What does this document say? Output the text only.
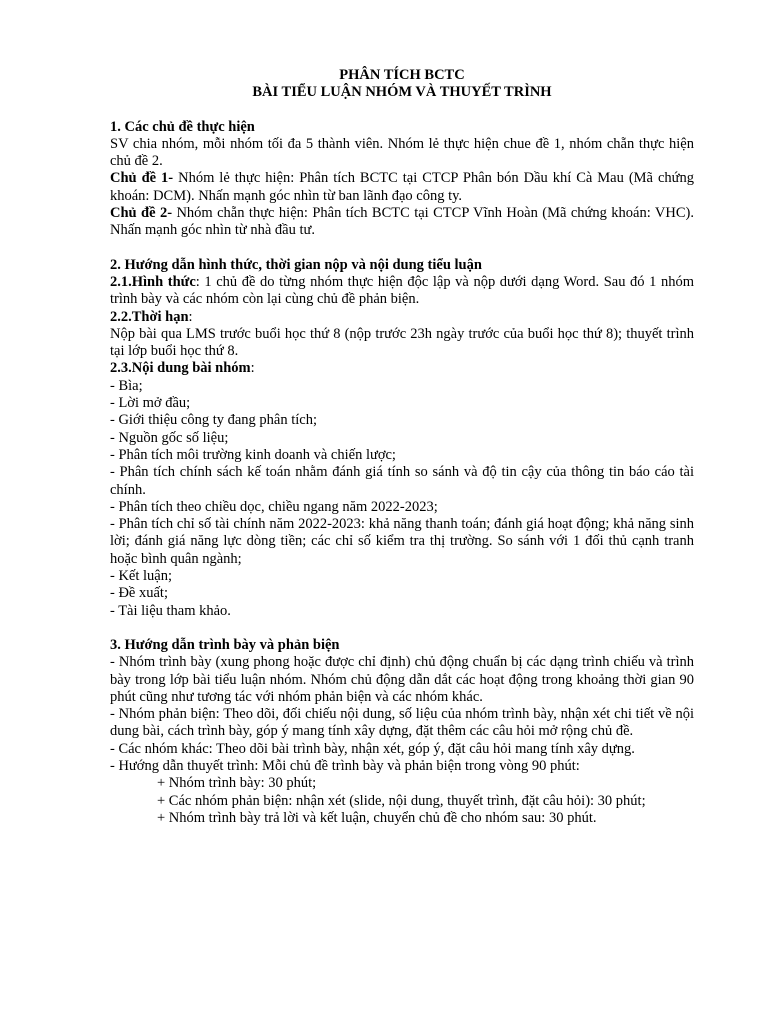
PHÂN TÍCH BCTC
BÀI TIỂU LUẬN NHÓM VÀ THUYẾT TRÌNH
1. Các chủ đề thực hiện
SV chia nhóm, mỗi nhóm tối đa 5 thành viên. Nhóm lẻ thực hiện chue đề 1, nhóm chẵn thực hiện chủ đề 2.
Chủ đề 1- Nhóm lẻ thực hiện: Phân tích BCTC tại CTCP Phân bón Dầu khí Cà Mau (Mã chứng khoán: DCM). Nhấn mạnh góc nhìn từ ban lãnh đạo công ty.
Chủ đề 2- Nhóm chẵn thực hiện: Phân tích BCTC tại CTCP Vĩnh Hoàn (Mã chứng khoán: VHC). Nhấn mạnh góc nhìn từ nhà đầu tư.
2. Hướng dẫn hình thức, thời gian nộp và nội dung tiểu luận
2.1.Hình thức: 1 chủ đề do từng nhóm thực hiện độc lập và nộp dưới dạng Word. Sau đó 1 nhóm trình bày và các nhóm còn lại cùng chủ đề phản biện.
2.2.Thời hạn:
Nộp bài qua LMS trước buổi học thứ 8 (nộp trước 23h ngày trước của buổi học thứ 8); thuyết trình tại lớp buổi học thứ 8.
2.3.Nội dung bài nhóm:
- Bìa;
- Lời mở đầu;
- Giới thiệu công ty đang phân tích;
- Nguồn gốc số liệu;
- Phân tích môi trường kinh doanh và chiến lược;
- Phân tích chính sách kế toán nhằm đánh giá tính so sánh và độ tin cậy của thông tin báo cáo tài chính.
- Phân tích theo chiều dọc, chiều ngang năm 2022-2023;
- Phân tích chỉ số tài chính năm 2022-2023: khả năng thanh toán; đánh giá hoạt động; khả năng sinh lời; đánh giá năng lực dòng tiền; các chỉ số kiểm tra thị trường. So sánh với 1 đối thủ cạnh tranh hoặc bình quân ngành;
- Kết luận;
- Đề xuất;
- Tài liệu tham khảo.
3. Hướng dẫn trình bày và phản biện
- Nhóm trình bày (xung phong hoặc được chỉ định) chủ động chuẩn bị các dạng trình chiếu và trình bày trong lớp bài tiểu luận nhóm. Nhóm chủ động dẫn dắt các hoạt động trong khoảng thời gian 90 phút cũng như tương tác với nhóm phản biện và các nhóm khác.
- Nhóm phản biện: Theo dõi, đối chiếu nội dung, số liệu của nhóm trình bày, nhận xét chi tiết về nội dung bài, cách trình bày, góp ý mang tính xây dựng, đặt thêm các câu hỏi mở rộng chủ đề.
- Các nhóm khác: Theo dõi bài trình bày, nhận xét, góp ý, đặt câu hỏi mang tính xây dựng.
- Hướng dẫn thuyết trình: Mỗi chủ đề trình bày và phản biện trong vòng 90 phút:
+ Nhóm trình bày: 30 phút;
+ Các nhóm phản biện: nhận xét (slide, nội dung, thuyết trình, đặt câu hỏi): 30 phút;
+ Nhóm trình bày trả lời và kết luận, chuyển chủ đề cho nhóm sau: 30 phút.
